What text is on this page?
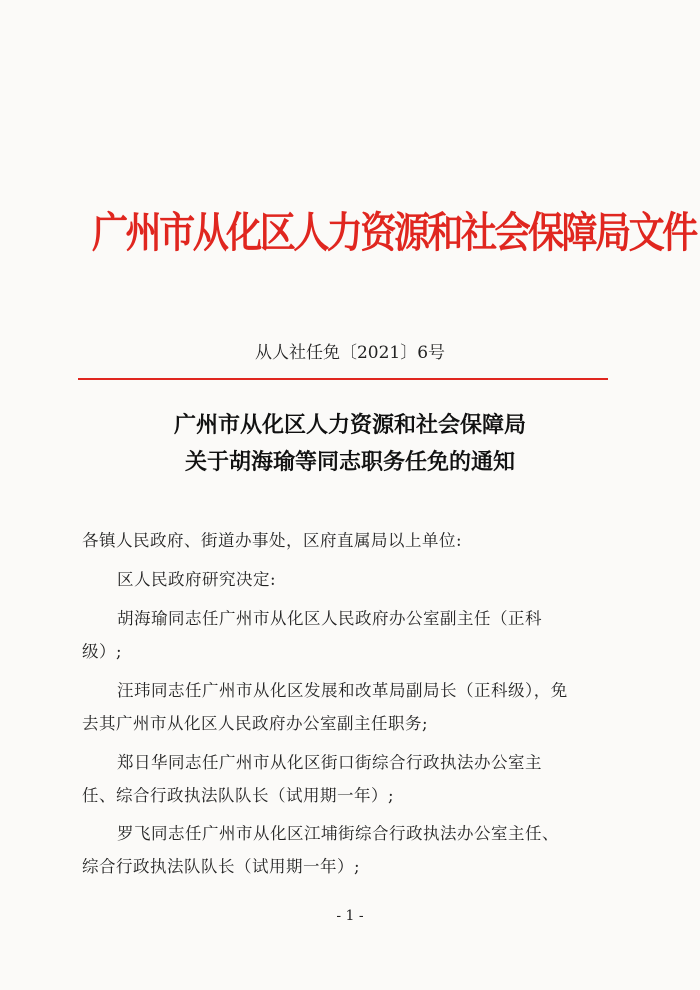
广州市从化区人力资源和社会保障局文件
从人社任免〔2021〕6号
广州市从化区人力资源和社会保障局
关于胡海瑜等同志职务任免的通知
各镇人民政府、街道办事处，区府直属局以上单位:
区人民政府研究决定:
胡海瑜同志任广州市从化区人民政府办公室副主任（正科
级）;
汪玮同志任广州市从化区发展和改革局副局长（正科级），免
去其广州市从化区人民政府办公室副主任职务;
郑日华同志任广州市从化区街口街综合行政执法办公室主
任、综合行政执法队队长（试用期一年）;
罗飞同志任广州市从化区江埔街综合行政执法办公室主任、
综合行政执法队队长（试用期一年）;
- 1 -
